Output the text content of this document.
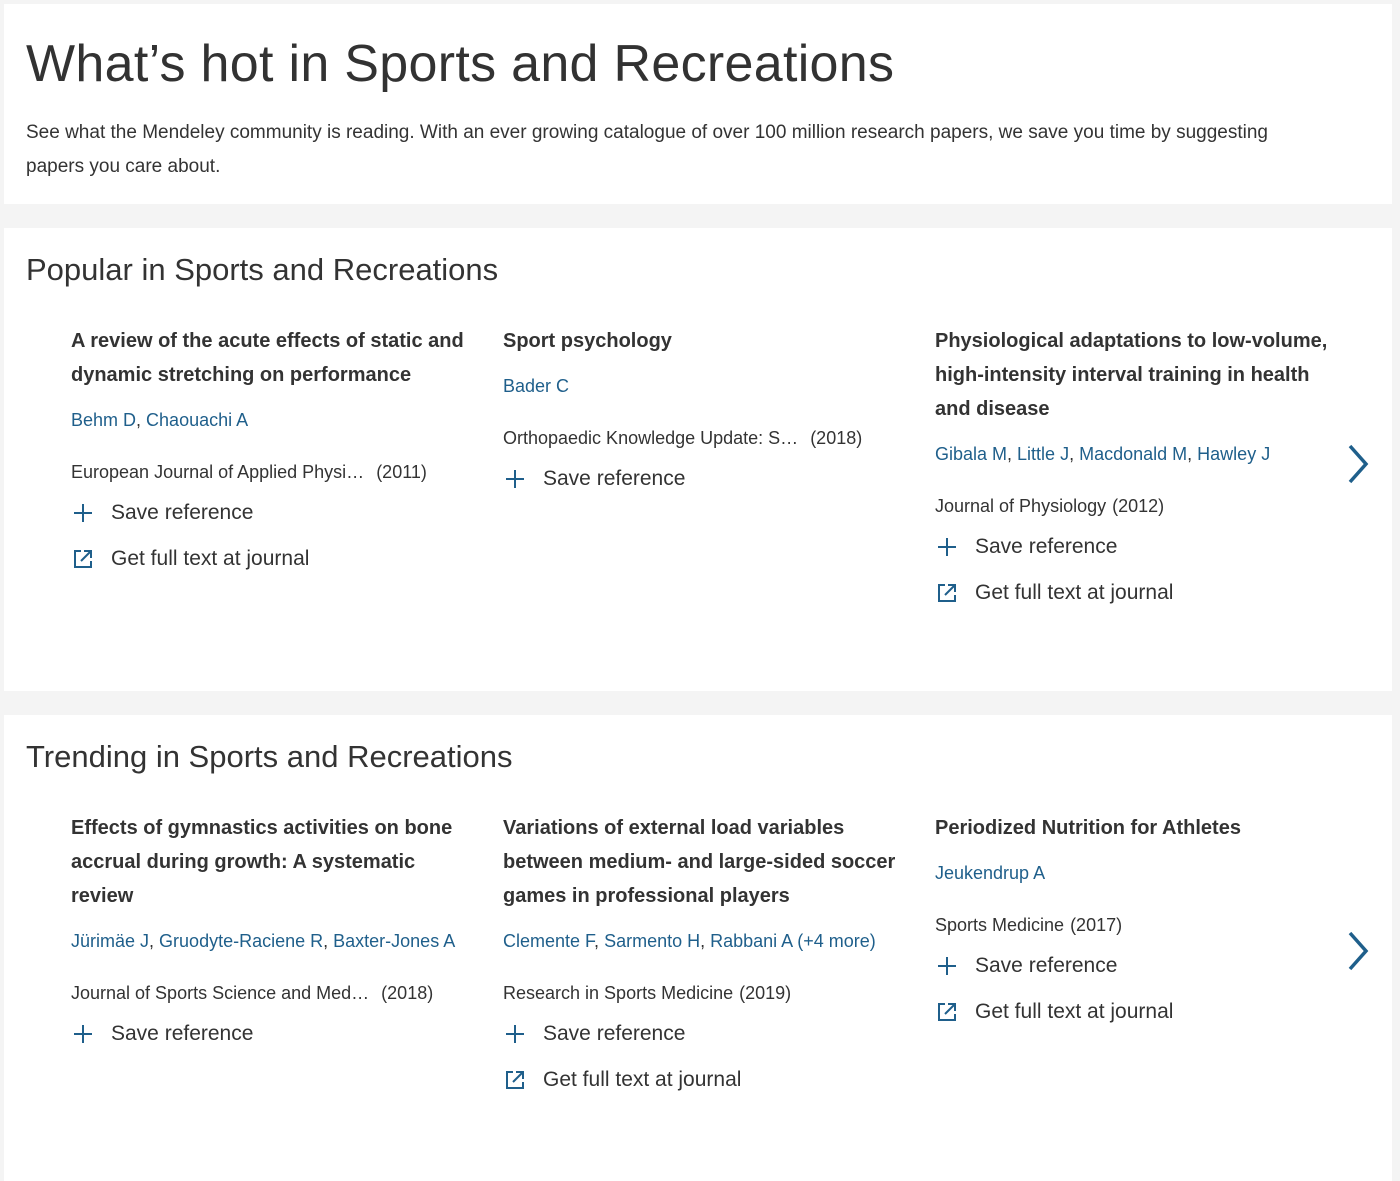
What’s hot in Sports and Recreations

See what the Mendeley community is reading. With an ever growing catalogue of over 100 million research papers, we save you time by suggesting papers you care about.

Popular in Sports and Recreations
A review of the acute effects of static and dynamic stretching on performance
Behm D, Chaouachi A
European Journal of Applied Physi… (2011)
Save reference
Get full text at journal
Sport psychology
Bader C
Orthopaedic Knowledge Update: S… (2018)
Save reference
Physiological adaptations to low-volume, high-intensity interval training in health and disease
Gibala M, Little J, Macdonald M, Hawley J
Journal of Physiology (2012)
Save reference
Get full text at journal
Trending in Sports and Recreations
Effects of gymnastics activities on bone accrual during growth: A systematic review
Jürimäe J, Gruodyte-Raciene R, Baxter-Jones A
Journal of Sports Science and Med… (2018)
Save reference
Variations of external load variables between medium- and large-sided soccer games in professional players
Clemente F, Sarmento H, Rabbani A (+4 more)
Research in Sports Medicine (2019)
Save reference
Get full text at journal
Periodized Nutrition for Athletes
Jeukendrup A
Sports Medicine (2017)
Save reference
Get full text at journal
